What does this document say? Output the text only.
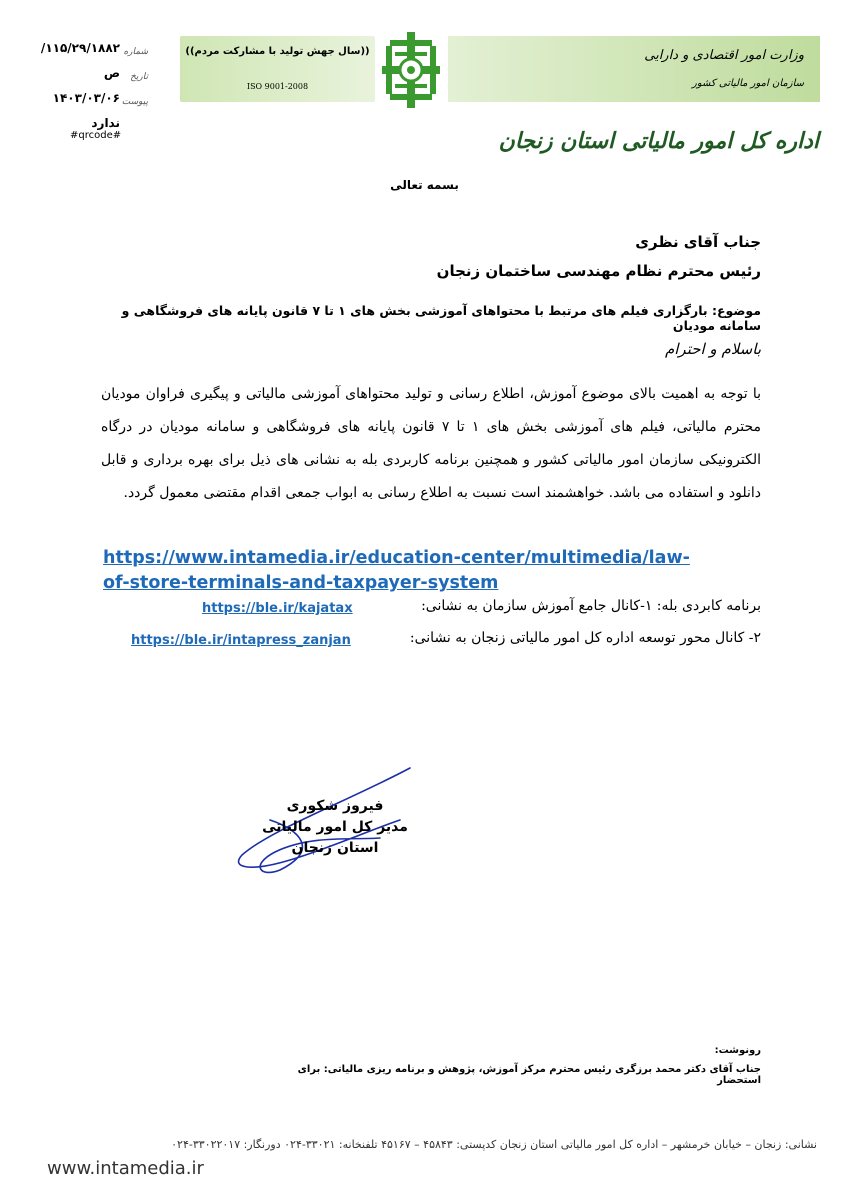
شماره
تاریخ
پیوست
۱۱۵/۲۹/۱۸۸۲/ص
۱۴۰۳/۰۳/۰۶
ندارد
#qrcode#
((سال جهش تولید با مشارکت مردم))
ISO 9001-2008
وزارت امور اقتصادی و دارایی
سازمان امور مالیاتی کشور
اداره کل امور مالیاتی استان زنجان
بسمه تعالی
جناب آقای نظری
رئیس محترم نظام مهندسی ساختمان زنجان
موضوع: بارگزاری فیلم های مرتبط با محتواهای آموزشی بخش های ۱ تا ۷ قانون پایانه های فروشگاهی و سامانه مودیان
باسلام و احترام
با توجه به اهمیت بالای موضوع آموزش، اطلاع رسانی و تولید محتواهای آموزشی مالیاتی و پیگیری فراوان مودیان محترم مالیاتی، فیلم های آموزشی بخش های ۱ تا ۷ قانون پایانه های فروشگاهی و سامانه مودیان در درگاه الکترونیکی سازمان امور مالیاتی کشور و همچنین برنامه کاربردی بله به نشانی های ذیل برای بهره برداری و قابل دانلود و استفاده می باشد. خواهشمند است نسبت به اطلاع رسانی به ابواب جمعی اقدام مقتضی معمول گردد.
https://www.intamedia.ir/education-center/multimedia/law-of-store-terminals-and-taxpayer-system
برنامه کابردی بله: ۱-کانال جامع آموزش سازمان به نشانی:
https://ble.ir/kajatax
۲- کانال محور توسعه اداره کل امور مالیاتی زنجان به نشانی:
https://ble.ir/intapress_zanjan
فیروز شکوری
مدیر کل امور مالیاتی
استان زنجان
رونوشت:
جناب آقای دکتر محمد برزگری رئیس محترم مرکز آموزش، پژوهش و برنامه ریزی مالیاتی: برای استحضار
نشانی: زنجان – خیابان خرمشهر – اداره کل امور مالیاتی استان زنجان کدپستی: ۴۵۸۴۳ – ۴۵۱۶۷ تلفنخانه: ۳۳۰۲۱-۰۲۴ دورنگار: ۳۳۰۲۲۰۱۷-۰۲۴
www.intamedia.ir
